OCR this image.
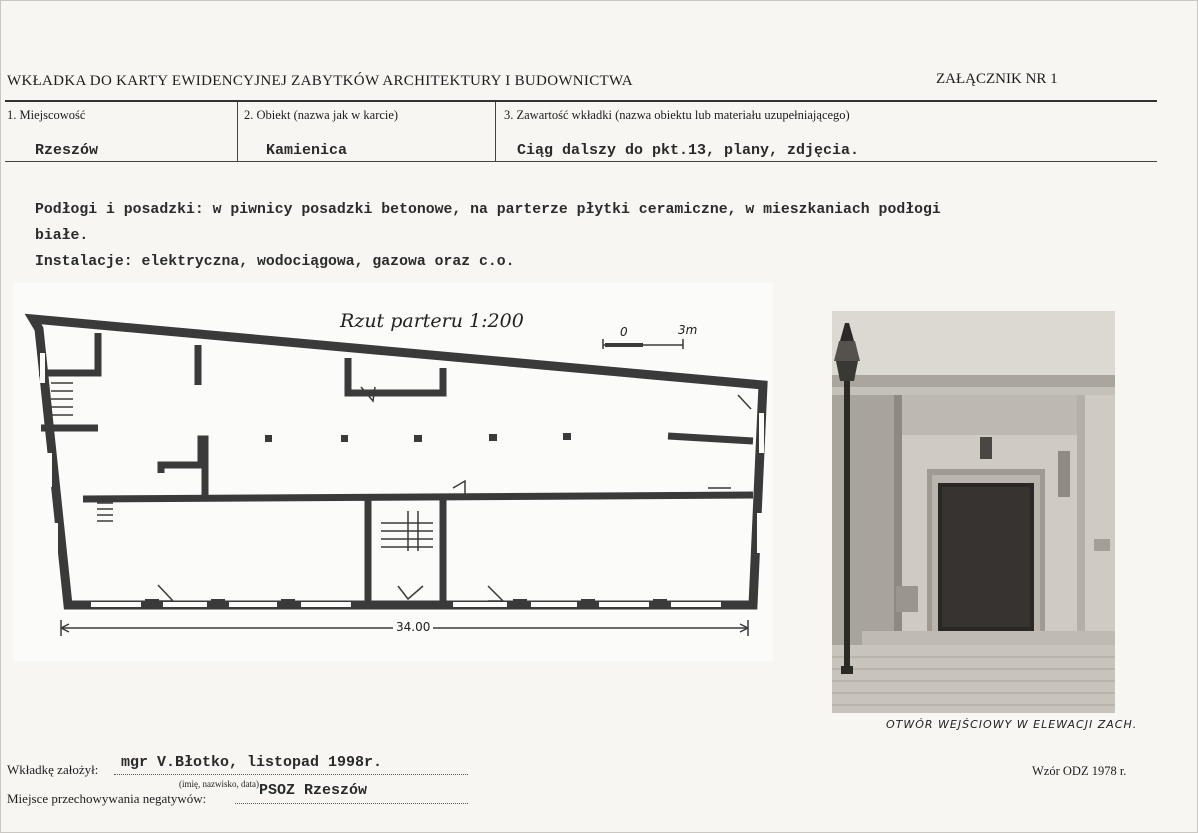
WKŁADKA DO KARTY EWIDENCYJNEJ ZABYTKÓW ARCHITEKTURY I BUDOWNICTWA	ZAŁĄCZNIK NR 1
1. Miejscowość
Rzeszów
2. Obiekt (nazwa jak w karcie)
Kamienica
3. Zawartość wkładki (nazwa obiektu lub materiału uzupełniającego)
Ciąg dalszy do pkt.13, plany, zdjęcia.
Podłogi i posadzki: w piwnicy posadzki betonowe, na parterze płytki ceramiczne, w mieszkaniach podłogi
białe.
Instalacje: elektryczna, wodociągowa, gazowa oraz c.o.
Rzut parteru 1:200	0	3m
34.00
OTWÓR WEJŚCIOWY W ELEWACJI ZACH.
Wkładkę założył: mgr V.Błotko, listopad 1998r.
(imię, nazwisko, data)
Miejsce przechowywania negatywów:	PSOZ Rzeszów
Wzór ODZ 1978 r.
